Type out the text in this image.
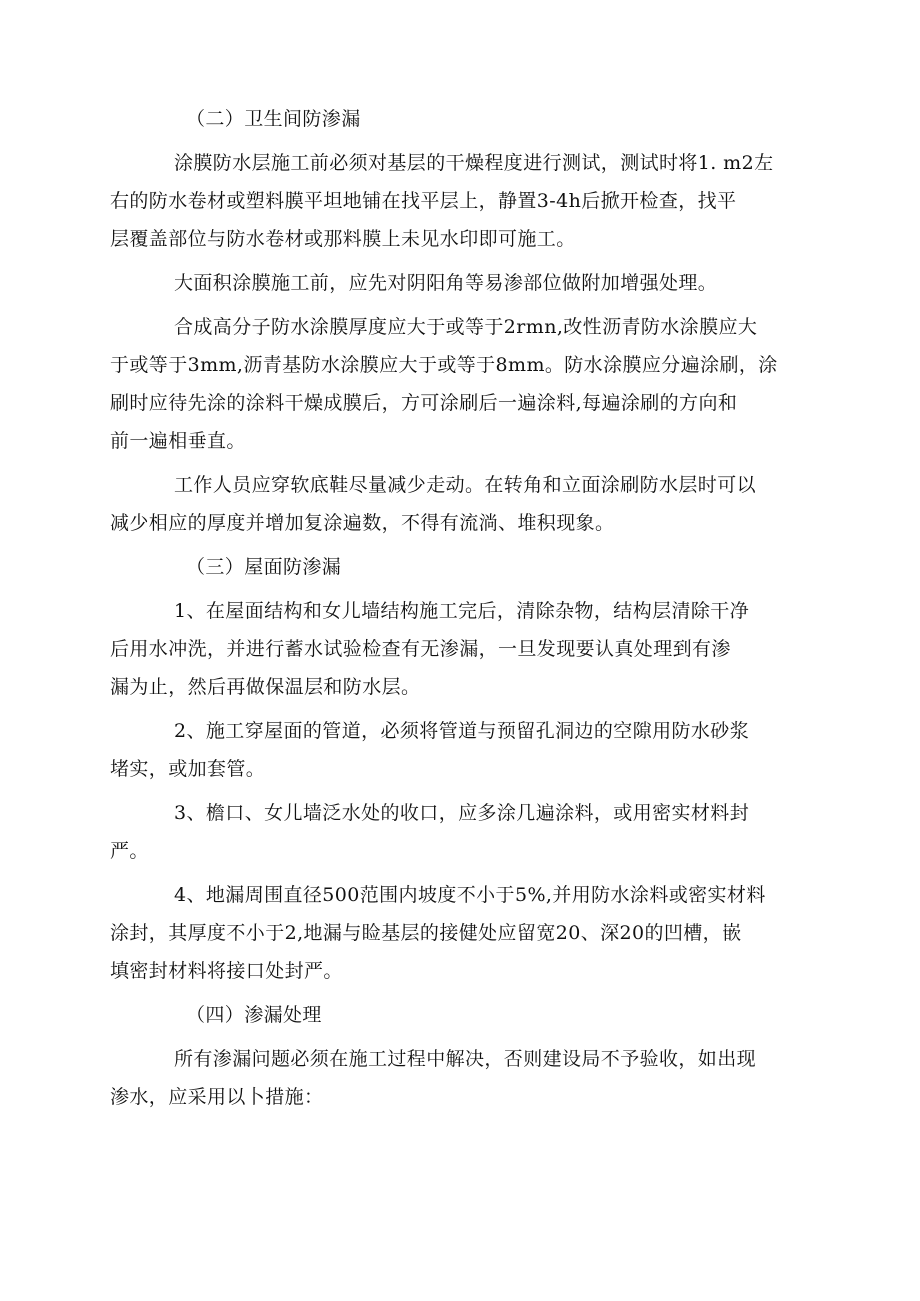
（二）卫生间防渗漏
涂膜防水层施工前必须对基层的干燥程度进行测试，测试时将1. m2左
右的防水卷材或塑料膜平坦地铺在找平层上，静置3-4h后掀开检查，找平
层覆盖部位与防水卷材或那料膜上未见水印即可施工。
大面积涂膜施工前，应先对阴阳角等易渗部位做附加增强处理。
合成高分子防水涂膜厚度应大于或等于2rmn,改性沥青防水涂膜应大
于或等于3mm,沥青基防水涂膜应大于或等于8mm。防水涂膜应分遍涂刷，涂
刷时应待先涂的涂料干燥成膜后，方可涂刷后一遍涂料,每遍涂刷的方向和
前一遍相垂直。
工作人员应穿软底鞋尽量减少走动。在转角和立面涂刷防水层时可以
减少相应的厚度并增加复涂遍数，不得有流淌、堆积现象。
（三）屋面防渗漏
1、在屋面结构和女儿墙结构施工完后，清除杂物，结构层清除干净
后用水冲洗，并进行蓄水试验检查有无渗漏，一旦发现要认真处理到有渗
漏为止，然后再做保温层和防水层。
2、施工穿屋面的管道，必须将管道与预留孔洞边的空隙用防水砂浆
堵实，或加套管。
3、檐口、女儿墙泛水处的收口，应多涂几遍涂料，或用密实材料封
严。
4、地漏周围直径500范围内坡度不小于5%,并用防水涂料或密实材料
涂封，其厚度不小于2,地漏与睑基层的接健处应留宽20、深20的凹槽，嵌
填密封材料将接口处封严。
（四）渗漏处理
所有渗漏问题必须在施工过程中解决，否则建设局不予验收，如出现
渗水，应采用以卜措施：
